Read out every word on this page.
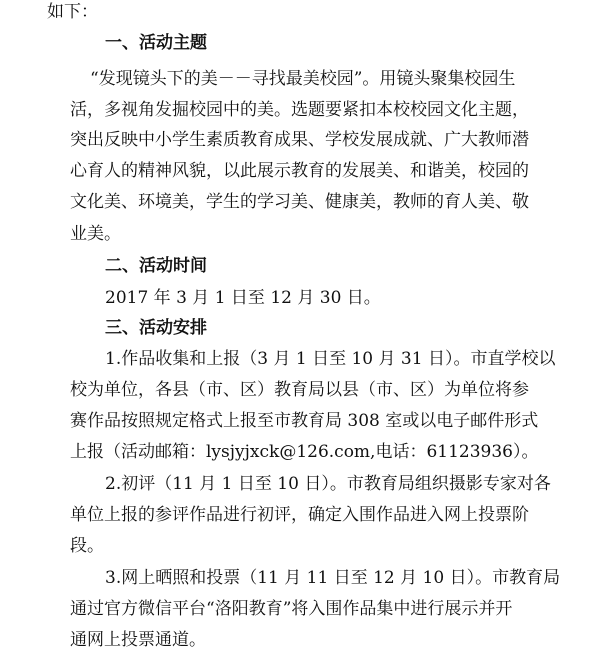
如下：
一、活动主题
“发现镜头下的美－－寻找最美校园”。用镜头聚集校园生
活，多视角发掘校园中的美。选题要紧扣本校校园文化主题，
突出反映中小学生素质教育成果、学校发展成就、广大教师潜
心育人的精神风貌，以此展示教育的发展美、和谐美，校园的
文化美、环境美，学生的学习美、健康美，教师的育人美、敬
业美。
二、活动时间
2017 年 3 月 1 日至 12 月 30 日。
三、活动安排
1.作品收集和上报（3 月 1 日至 10 月 31 日）。市直学校以
校为单位，各县（市、区）教育局以县（市、区）为单位将参
赛作品按照规定格式上报至市教育局 308 室或以电子邮件形式
上报（活动邮箱：lysjyjxck@126.com,电话：61123936）。
2.初评（11 月 1 日至 10 日）。市教育局组织摄影专家对各
单位上报的参评作品进行初评，确定入围作品进入网上投票阶
段。
3.网上晒照和投票（11 月 11 日至 12 月 10 日）。市教育局
通过官方微信平台“洛阳教育”将入围作品集中进行展示并开
通网上投票通道。
